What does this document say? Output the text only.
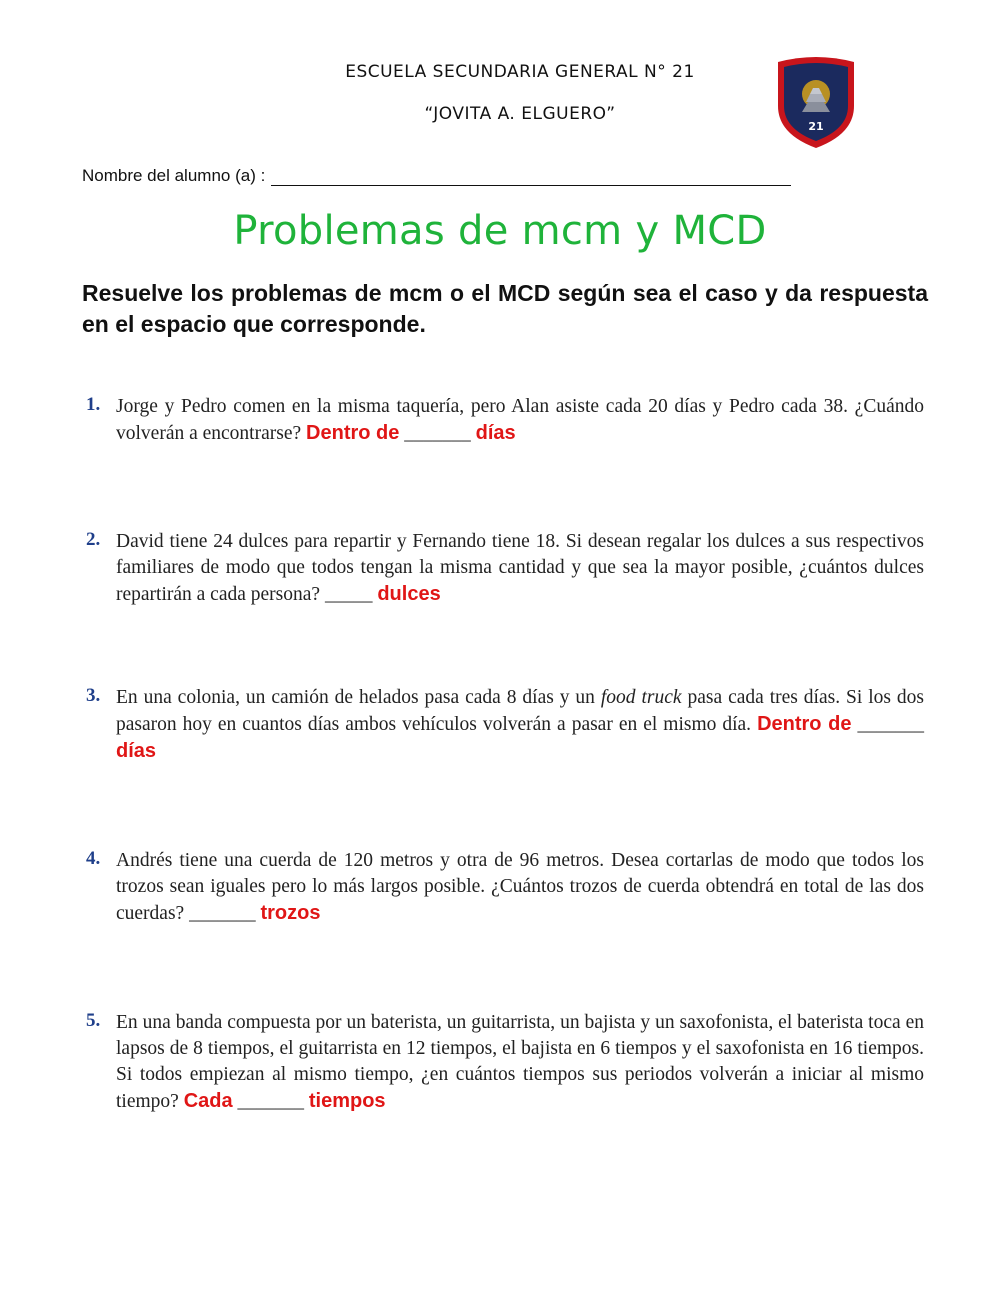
ESCUELA SECUNDARIA GENERAL N° 21
“JOVITA A. ELGUERO”
21
Nombre del alumno (a) :
Problemas de mcm y MCD
Resuelve los problemas de mcm o el MCD según sea el caso y da respuesta en el espacio que corresponde.
1. Jorge y Pedro comen en la misma taquería, pero Alan asiste cada 20 días y Pedro cada 38. ¿Cuándo volverán a encontrarse? Dentro de _______ días
2. David tiene 24 dulces para repartir y Fernando tiene 18. Si desean regalar los dulces a sus respectivos familiares de modo que todos tengan la misma cantidad y que sea la mayor posible, ¿cuántos dulces repartirán a cada persona? _____ dulces
3. En una colonia, un camión de helados pasa cada 8 días y un food truck pasa cada tres días. Si los dos pasaron hoy en cuantos días ambos vehículos volverán a pasar en el mismo día. Dentro de _______ días
4. Andrés tiene una cuerda de 120 metros y otra de 96 metros. Desea cortarlas de modo que todos los trozos sean iguales pero lo más largos posible. ¿Cuántos trozos de cuerda obtendrá en total de las dos cuerdas? _______ trozos
5. En una banda compuesta por un baterista, un guitarrista, un bajista y un saxofonista, el baterista toca en lapsos de 8 tiempos, el guitarrista en 12 tiempos, el bajista en 6 tiempos y el saxofonista en 16 tiempos. Si todos empiezan al mismo tiempo, ¿en cuántos tiempos sus periodos volverán a iniciar al mismo tiempo? Cada _______ tiempos
